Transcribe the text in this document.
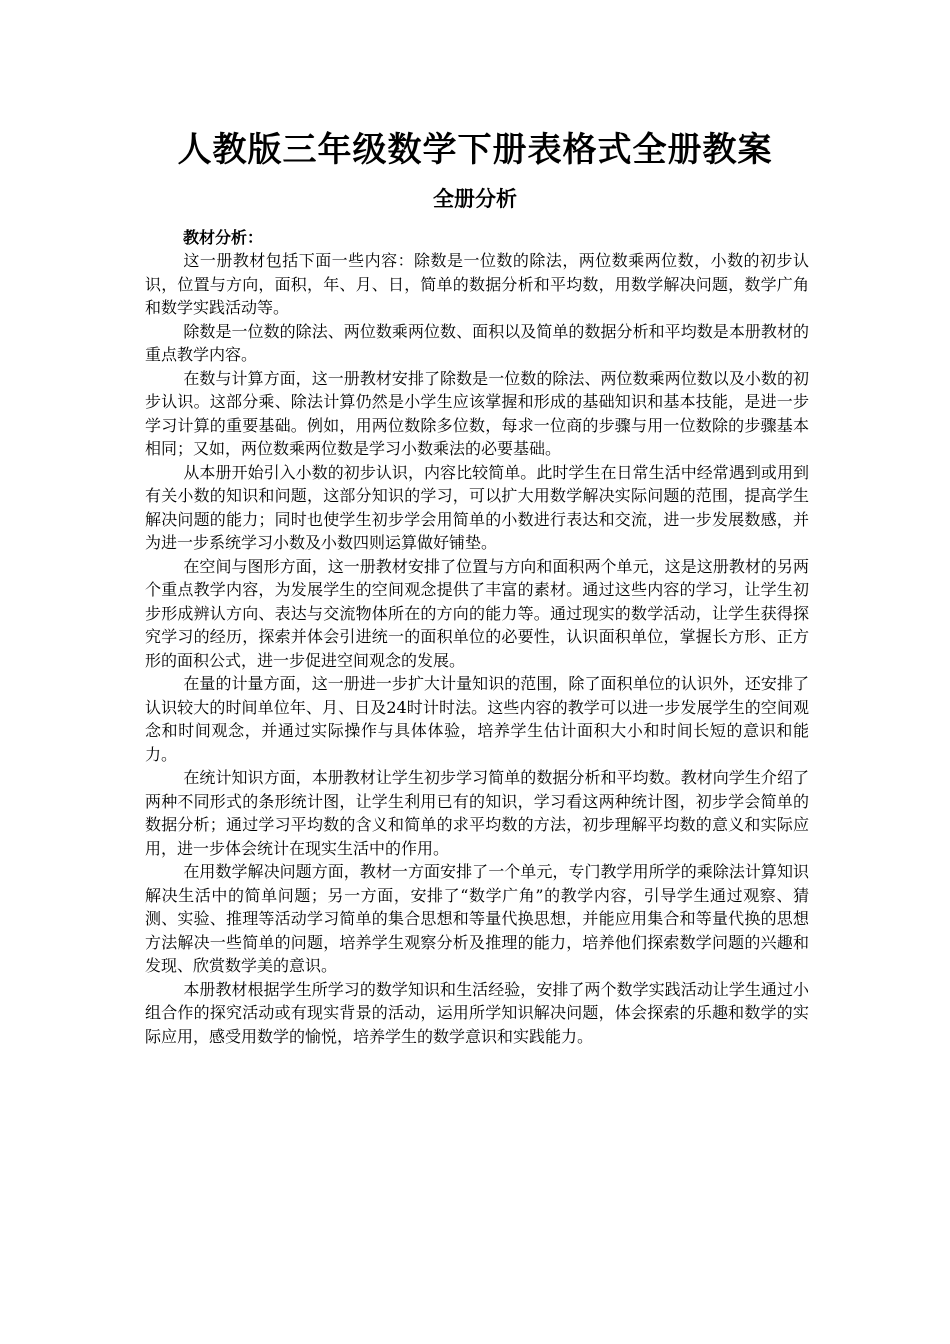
人教版三年级数学下册表格式全册教案
全册分析

教材分析：

这一册教材包括下面一些内容：除数是一位数的除法，两位数乘两位数，小数的初步认识，位置与方向，面积，年、月、日，简单的数据分析和平均数，用数学解决问题，数学广角和数学实践活动等。

除数是一位数的除法、两位数乘两位数、面积以及简单的数据分析和平均数是本册教材的重点教学内容。

在数与计算方面，这一册教材安排了除数是一位数的除法、两位数乘两位数以及小数的初步认识。这部分乘、除法计算仍然是小学生应该掌握和形成的基础知识和基本技能，是进一步学习计算的重要基础。例如，用两位数除多位数，每求一位商的步骤与用一位数除的步骤基本相同；又如，两位数乘两位数是学习小数乘法的必要基础。

从本册开始引入小数的初步认识，内容比较简单。此时学生在日常生活中经常遇到或用到有关小数的知识和问题，这部分知识的学习，可以扩大用数学解决实际问题的范围，提高学生解决问题的能力；同时也使学生初步学会用简单的小数进行表达和交流，进一步发展数感，并为进一步系统学习小数及小数四则运算做好铺垫。

在空间与图形方面，这一册教材安排了位置与方向和面积两个单元，这是这册教材的另两个重点教学内容，为发展学生的空间观念提供了丰富的素材。通过这些内容的学习，让学生初步形成辨认方向、表达与交流物体所在的方向的能力等。通过现实的数学活动，让学生获得探究学习的经历，探索并体会引进统一的面积单位的必要性，认识面积单位，掌握长方形、正方形的面积公式，进一步促进空间观念的发展。

在量的计量方面，这一册进一步扩大计量知识的范围，除了面积单位的认识外，还安排了认识较大的时间单位年、月、日及24时计时法。这些内容的教学可以进一步发展学生的空间观念和时间观念，并通过实际操作与具体体验，培养学生估计面积大小和时间长短的意识和能力。

在统计知识方面，本册教材让学生初步学习简单的数据分析和平均数。教材向学生介绍了两种不同形式的条形统计图，让学生利用已有的知识，学习看这两种统计图，初步学会简单的数据分析；通过学习平均数的含义和简单的求平均数的方法，初步理解平均数的意义和实际应用，进一步体会统计在现实生活中的作用。

在用数学解决问题方面，教材一方面安排了一个单元，专门教学用所学的乘除法计算知识解决生活中的简单问题；另一方面，安排了“数学广角”的教学内容，引导学生通过观察、猜测、实验、推理等活动学习简单的集合思想和等量代换思想，并能应用集合和等量代换的思想方法解决一些简单的问题，培养学生观察分析及推理的能力，培养他们探索数学问题的兴趣和发现、欣赏数学美的意识。

本册教材根据学生所学习的数学知识和生活经验，安排了两个数学实践活动让学生通过小组合作的探究活动或有现实背景的活动，运用所学知识解决问题，体会探索的乐趣和数学的实际应用，感受用数学的愉悦，培养学生的数学意识和实践能力。
